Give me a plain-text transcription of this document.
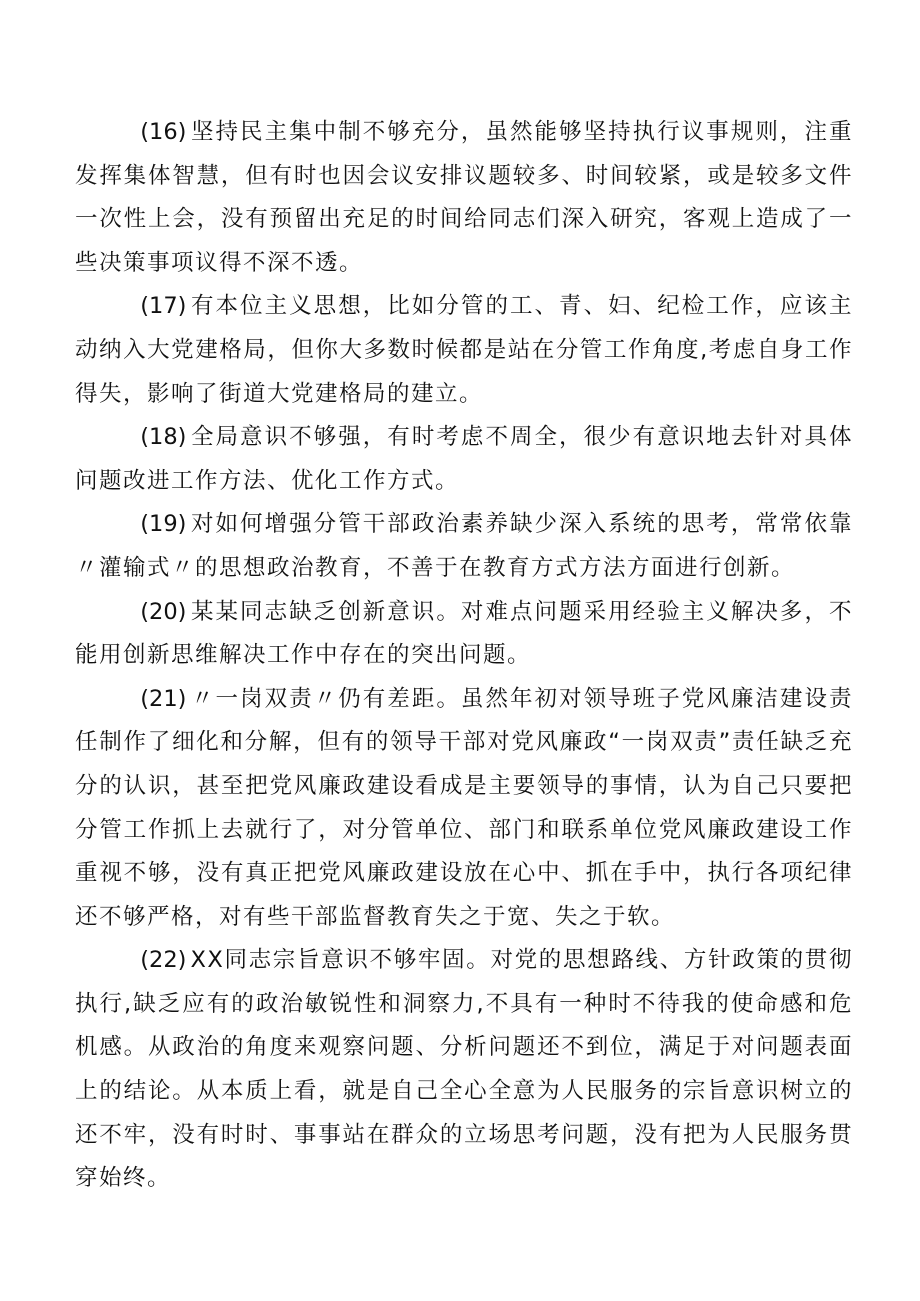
(16) 坚持民主集中制不够充分，虽然能够坚持执行议事规则，注重发挥集体智慧，但有时也因会议安排议题较多、时间较紧，或是较多文件一次性上会，没有预留出充足的时间给同志们深入研究，客观上造成了一些决策事项议得不深不透。

(17) 有本位主义思想，比如分管的工、青、妇、纪检工作，应该主动纳入大党建格局，但你大多数时候都是站在分管工作角度,考虑自身工作得失，影响了街道大党建格局的建立。

(18) 全局意识不够强，有时考虑不周全，很少有意识地去针对具体问题改进工作方法、优化工作方式。

(19) 对如何增强分管干部政治素养缺少深入系统的思考，常常依靠〃灌输式〃的思想政治教育，不善于在教育方式方法方面进行创新。

(20) 某某同志缺乏创新意识。对难点问题采用经验主义解决多，不能用创新思维解决工作中存在的突出问题。

(21) 〃一岗双责〃仍有差距。虽然年初对领导班子党风廉洁建设责任制作了细化和分解，但有的领导干部对党风廉政“一岗双责”责任缺乏充分的认识，甚至把党风廉政建设看成是主要领导的事情，认为自己只要把分管工作抓上去就行了，对分管单位、部门和联系单位党风廉政建设工作重视不够，没有真正把党风廉政建设放在心中、抓在手中，执行各项纪律还不够严格，对有些干部监督教育失之于宽、失之于软。

(22) XX同志宗旨意识不够牢固。对党的思想路线、方针政策的贯彻执行,缺乏应有的政治敏锐性和洞察力,不具有一种时不待我的使命感和危机感。从政治的角度来观察问题、分析问题还不到位，满足于对问题表面上的结论。从本质上看，就是自己全心全意为人民服务的宗旨意识树立的还不牢，没有时时、事事站在群众的立场思考问题，没有把为人民服务贯穿始终。
